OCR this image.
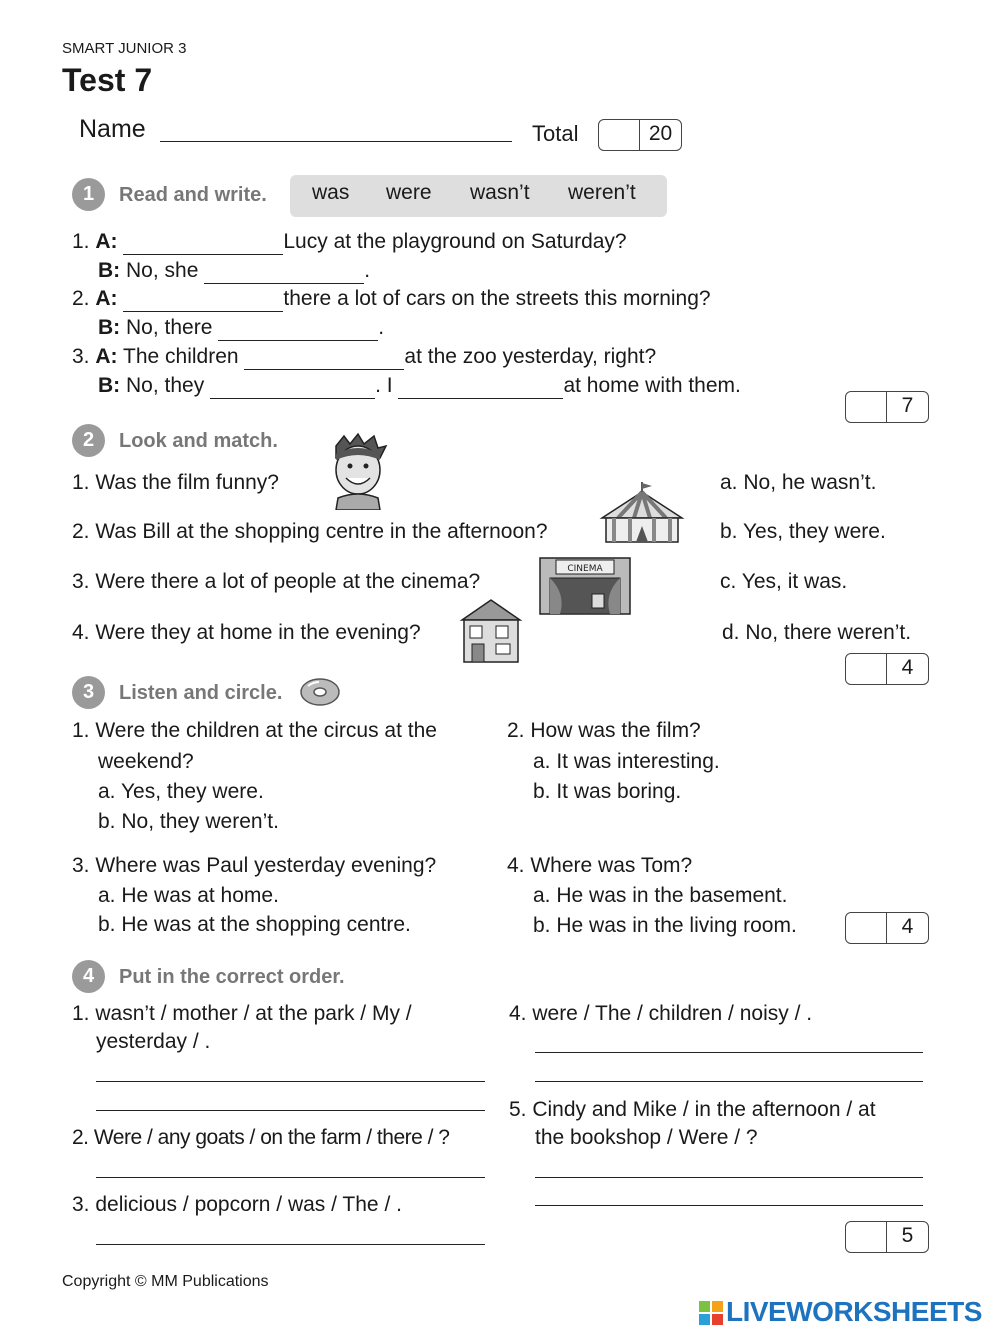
SMART JUNIOR 3
Test 7
Name	Total	20
1	Read and write. was were wasn’t weren’t
1. A:	Lucy at the playground on Saturday?
B: No, she	.
2. A:	there a lot of cars on the streets this morning?
B: No, there	.
3. A: The children	at the zoo yesterday, right?
B: No, they	. I	at home with them.
7
2	Look and match.
1. Was the film funny?
2. Was Bill at the shopping centre in the afternoon?
3. Were there a lot of people at the cinema?
4. Were they at home in the evening?
a. No, he wasn’t.
b. Yes, they were.
c. Yes, it was.
d. No, there weren’t.
CINEMA
4
3	Listen and circle.
1. Were the children at the circus at the
weekend?
a. Yes, they were.
b. No, they weren’t.
2. How was the film?
a. It was interesting.
b. It was boring.
3. Where was Paul yesterday evening?
a. He was at home.
b. He was at the shopping centre.
4. Where was Tom?
a. He was in the basement.
b. He was in the living room.	4
4	Put in the correct order.
1. wasn’t / mother / at the park / My /
yesterday / .
2. Were / any goats / on the farm / there / ?
3. delicious / popcorn / was / The / .
4. were / The / children / noisy / .
5. Cindy and Mike / in the afternoon / at
the bookshop / Were / ?
5
Copyright © MM Publications
LIVEWORKSHEETS
